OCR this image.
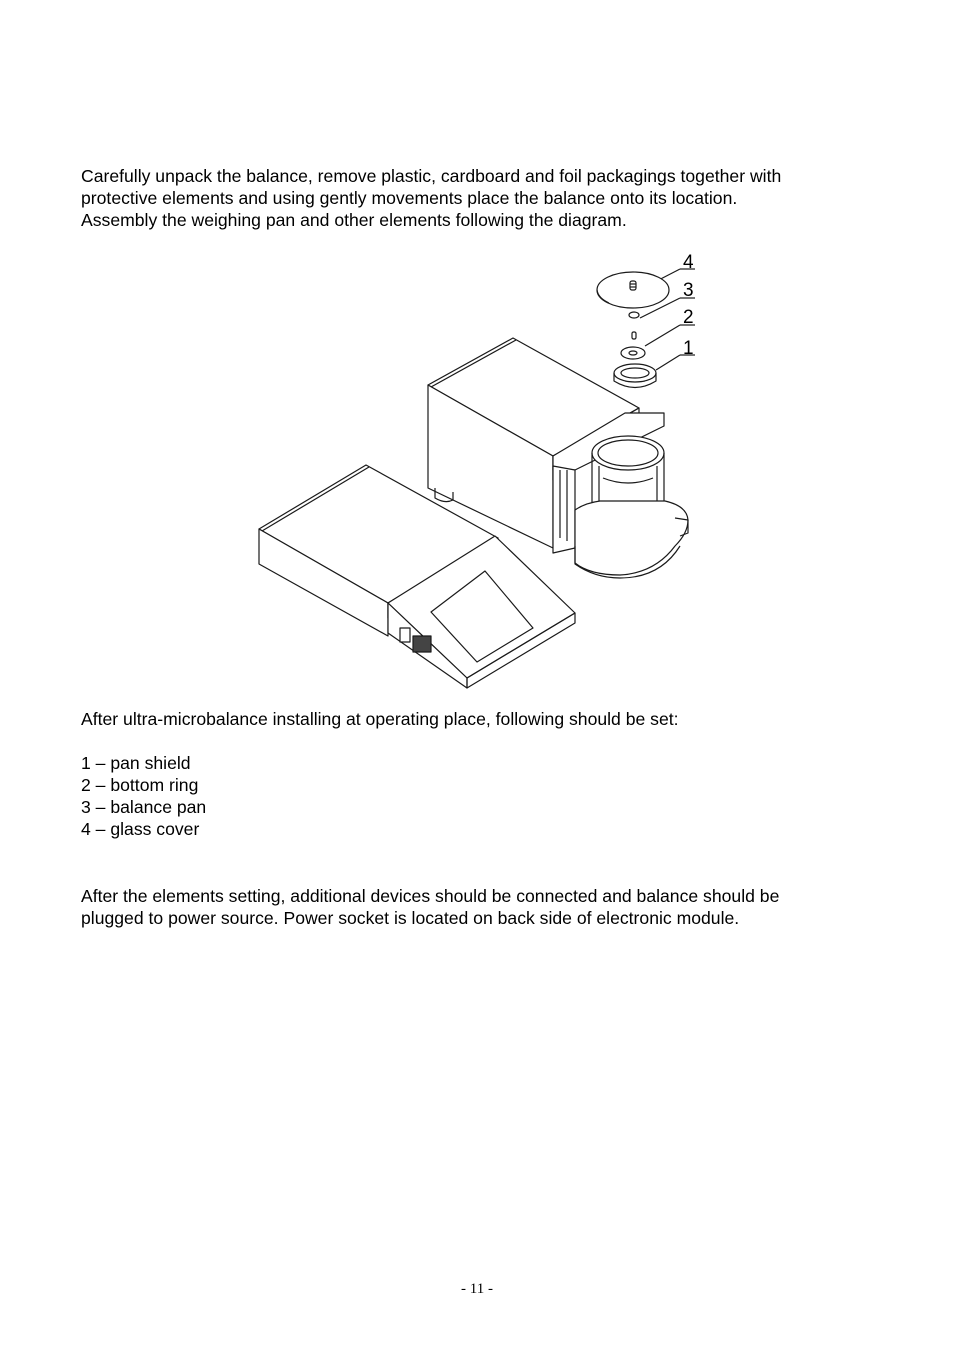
Carefully unpack the balance, remove plastic, cardboard and foil packagings together with
protective elements and using gently movements place the balance onto its location.
Assembly the weighing pan and other elements following the diagram.
4
3
2
1
After ultra-microbalance installing at operating place, following should be set:
1 – pan shield
2 – bottom ring
3 – balance pan
4 – glass cover
After the elements setting, additional devices should be connected and balance should be
plugged to power source. Power socket is located on back side of electronic module.
- 11 -
